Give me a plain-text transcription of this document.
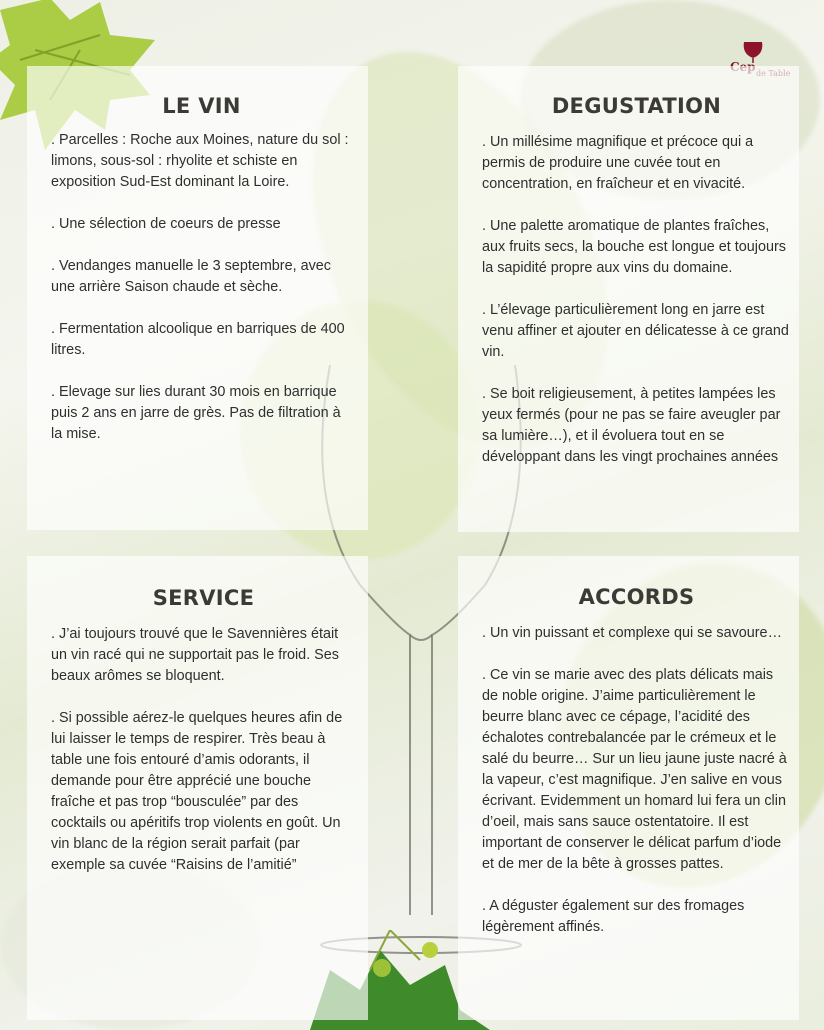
LE VIN

. Parcelles : Roche aux Moines, nature du sol : limons, sous-sol : rhyolite et schiste en exposition Sud-Est dominant la Loire.

. Une sélection de coeurs de presse

. Vendanges manuelle le 3 septembre, avec une arrière Saison chaude et sèche.

. Fermentation alcoolique en barriques de 400 litres.

. Elevage sur lies durant 30 mois en barrique puis 2 ans en jarre de grès. Pas de filtration à la mise.

DEGUSTATION

. Un millésime magnifique et précoce qui a permis de produire une cuvée tout en concentration, en fraîcheur et en vivacité.

. Une palette aromatique de plantes fraîches, aux fruits secs, la bouche est longue et toujours la sapidité propre aux vins du domaine.

. L’élevage particulièrement long en jarre est venu affiner et ajouter en délicatesse à ce grand vin.

. Se boit religieusement, à petites lampées les yeux fermés (pour ne pas se faire aveugler par sa lumière…), et il évoluera tout en se développant dans les vingt prochaines années

SERVICE

. J’ai toujours trouvé que le Savennières était un vin racé qui ne supportait pas le froid. Ses beaux arômes se bloquent.

. Si possible aérez-le quelques heures afin de lui laisser le temps de respirer. Très beau à table une fois entouré d’amis odorants, il demande pour être apprécié une bouche fraîche et pas trop “bousculée” par des cocktails ou apéritifs trop violents en goût. Un vin blanc de la région serait parfait (par exemple sa cuvée “Raisins de l’amitié”

ACCORDS

. Un vin puissant et complexe qui se savoure…

. Ce vin se marie avec des plats délicats mais de noble origine. J’aime particulièrement le beurre blanc avec ce cépage, l’acidité des échalotes contrebalancée par le crémeux et le salé du beurre… Sur un lieu jaune juste nacré à la vapeur, c’est magnifique. J’en salive en vous écrivant. Evidemment un homard lui fera un clin d’oeil, mais sans sauce ostentatoire. Il est important de conserver le délicat parfum d’iode et de mer de la bête à grosses pattes.

. A déguster également sur des fromages légèrement affinés.
